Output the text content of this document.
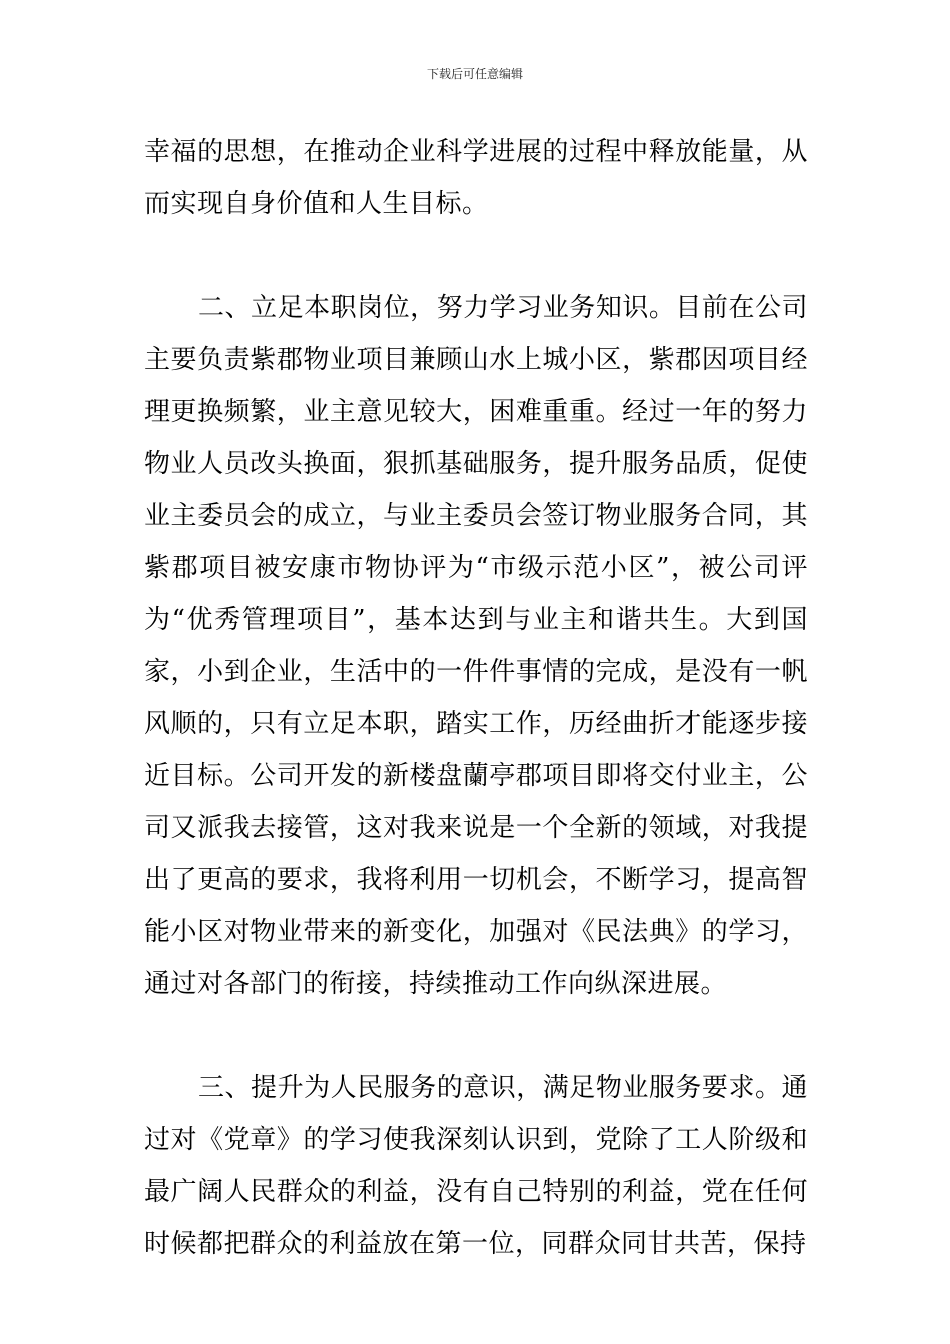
下载后可任意编辑

幸福的思想，在推动企业科学进展的过程中释放能量，从而实现自身价值和人生目标。

二、立足本职岗位，努力学习业务知识。目前在公司主要负责紫郡物业项目兼顾山水上城小区，紫郡因项目经理更换频繁，业主意见较大，困难重重。经过一年的努力物业人员改头换面，狠抓基础服务，提升服务品质，促使业主委员会的成立，与业主委员会签订物业服务合同，其紫郡项目被安康市物协评为“市级示范小区”，被公司评为“优秀管理项目”，基本达到与业主和谐共生。大到国家，小到企业，生活中的一件件事情的完成，是没有一帆风顺的，只有立足本职，踏实工作，历经曲折才能逐步接近目标。公司开发的新楼盘蘭亭郡项目即将交付业主，公司又派我去接管，这对我来说是一个全新的领域，对我提出了更高的要求，我将利用一切机会，不断学习，提高智能小区对物业带来的新变化，加强对《民法典》的学习，通过对各部门的衔接，持续推动工作向纵深进展。

三、提升为人民服务的意识，满足物业服务要求。通过对《党章》的学习使我深刻认识到，党除了工人阶级和最广阔人民群众的利益，没有自己特别的利益，党在任何时候都把群众的利益放在第一位，同群众同甘共苦，保持
